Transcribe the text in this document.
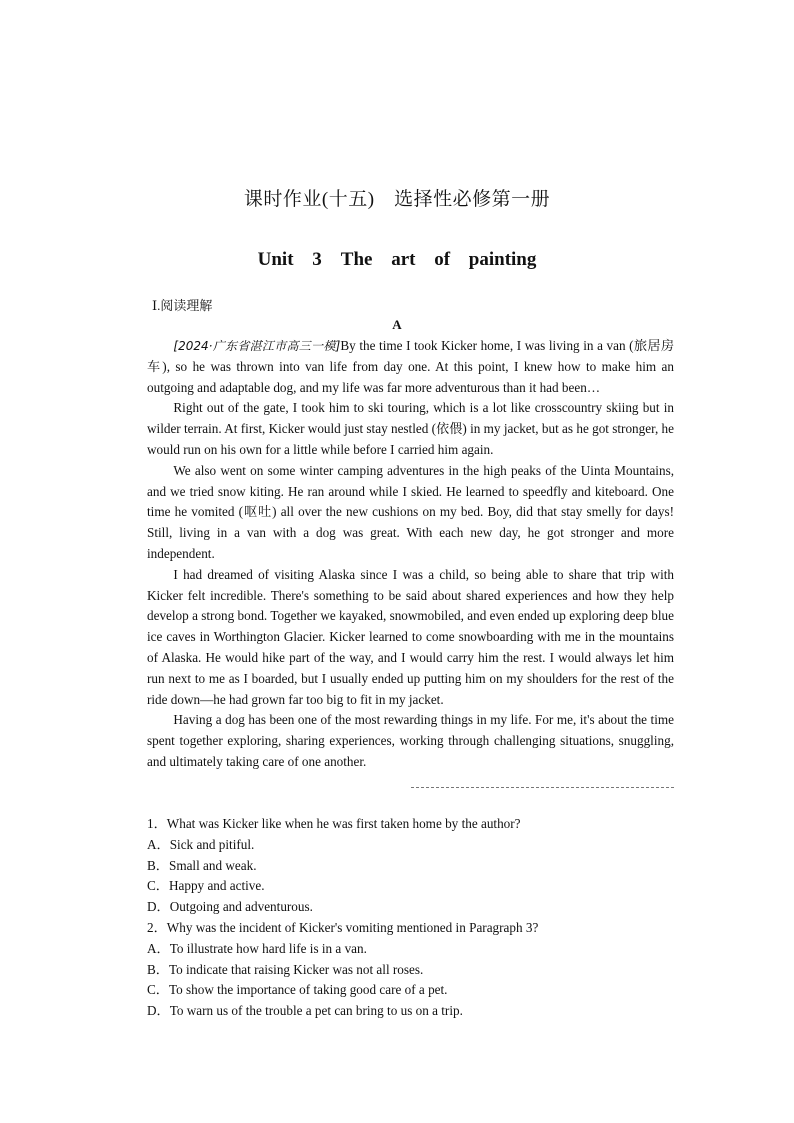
课时作业(十五)　选择性必修第一册
Unit 3　The art of painting
Ⅰ.阅读理解
A

[2024·广东省湛江市高三一模]By the time I took Kicker home, I was living in a van (旅居房车), so he was thrown into van life from day one. At this point, I knew how to make him an outgoing and adaptable dog, and my life was far more adventurous than it had been…

Right out of the gate, I took him to ski touring, which is a lot like crosscountry skiing but in wilder terrain. At first, Kicker would just stay nestled (依偎) in my jacket, but as he got stronger, he would run on his own for a little while before I carried him again.

We also went on some winter camping adventures in the high peaks of the Uinta Mountains, and we tried snow kiting. He ran around while I skied. He learned to speedfly and kiteboard. One time he vomited (呕吐) all over the new cushions on my bed. Boy, did that stay smelly for days! Still, living in a van with a dog was great. With each new day, he got stronger and more independent.

I had dreamed of visiting Alaska since I was a child, so being able to share that trip with Kicker felt incredible. There's something to be said about shared experiences and how they help develop a strong bond. Together we kayaked, snowmobiled, and even ended up exploring deep blue ice caves in Worthington Glacier. Kicker learned to come snowboarding with me in the mountains of Alaska. He would hike part of the way, and I would carry him the rest. I would always let him run next to me as I boarded, but I usually ended up putting him on my shoulders for the rest of the ride down—he had grown far too big to fit in my jacket.

Having a dog has been one of the most rewarding things in my life. For me, it's about the time spent together exploring, sharing experiences, working through challenging situations, snuggling, and ultimately taking care of one another.

1．What was Kicker like when he was first taken home by the author?

A．Sick and pitiful.

B．Small and weak.

C．Happy and active.

D．Outgoing and adventurous.

2．Why was the incident of Kicker's vomiting mentioned in Paragraph 3?

A．To illustrate how hard life is in a van.

B．To indicate that raising Kicker was not all roses.

C．To show the importance of taking good care of a pet.

D．To warn us of the trouble a pet can bring to us on a trip.
